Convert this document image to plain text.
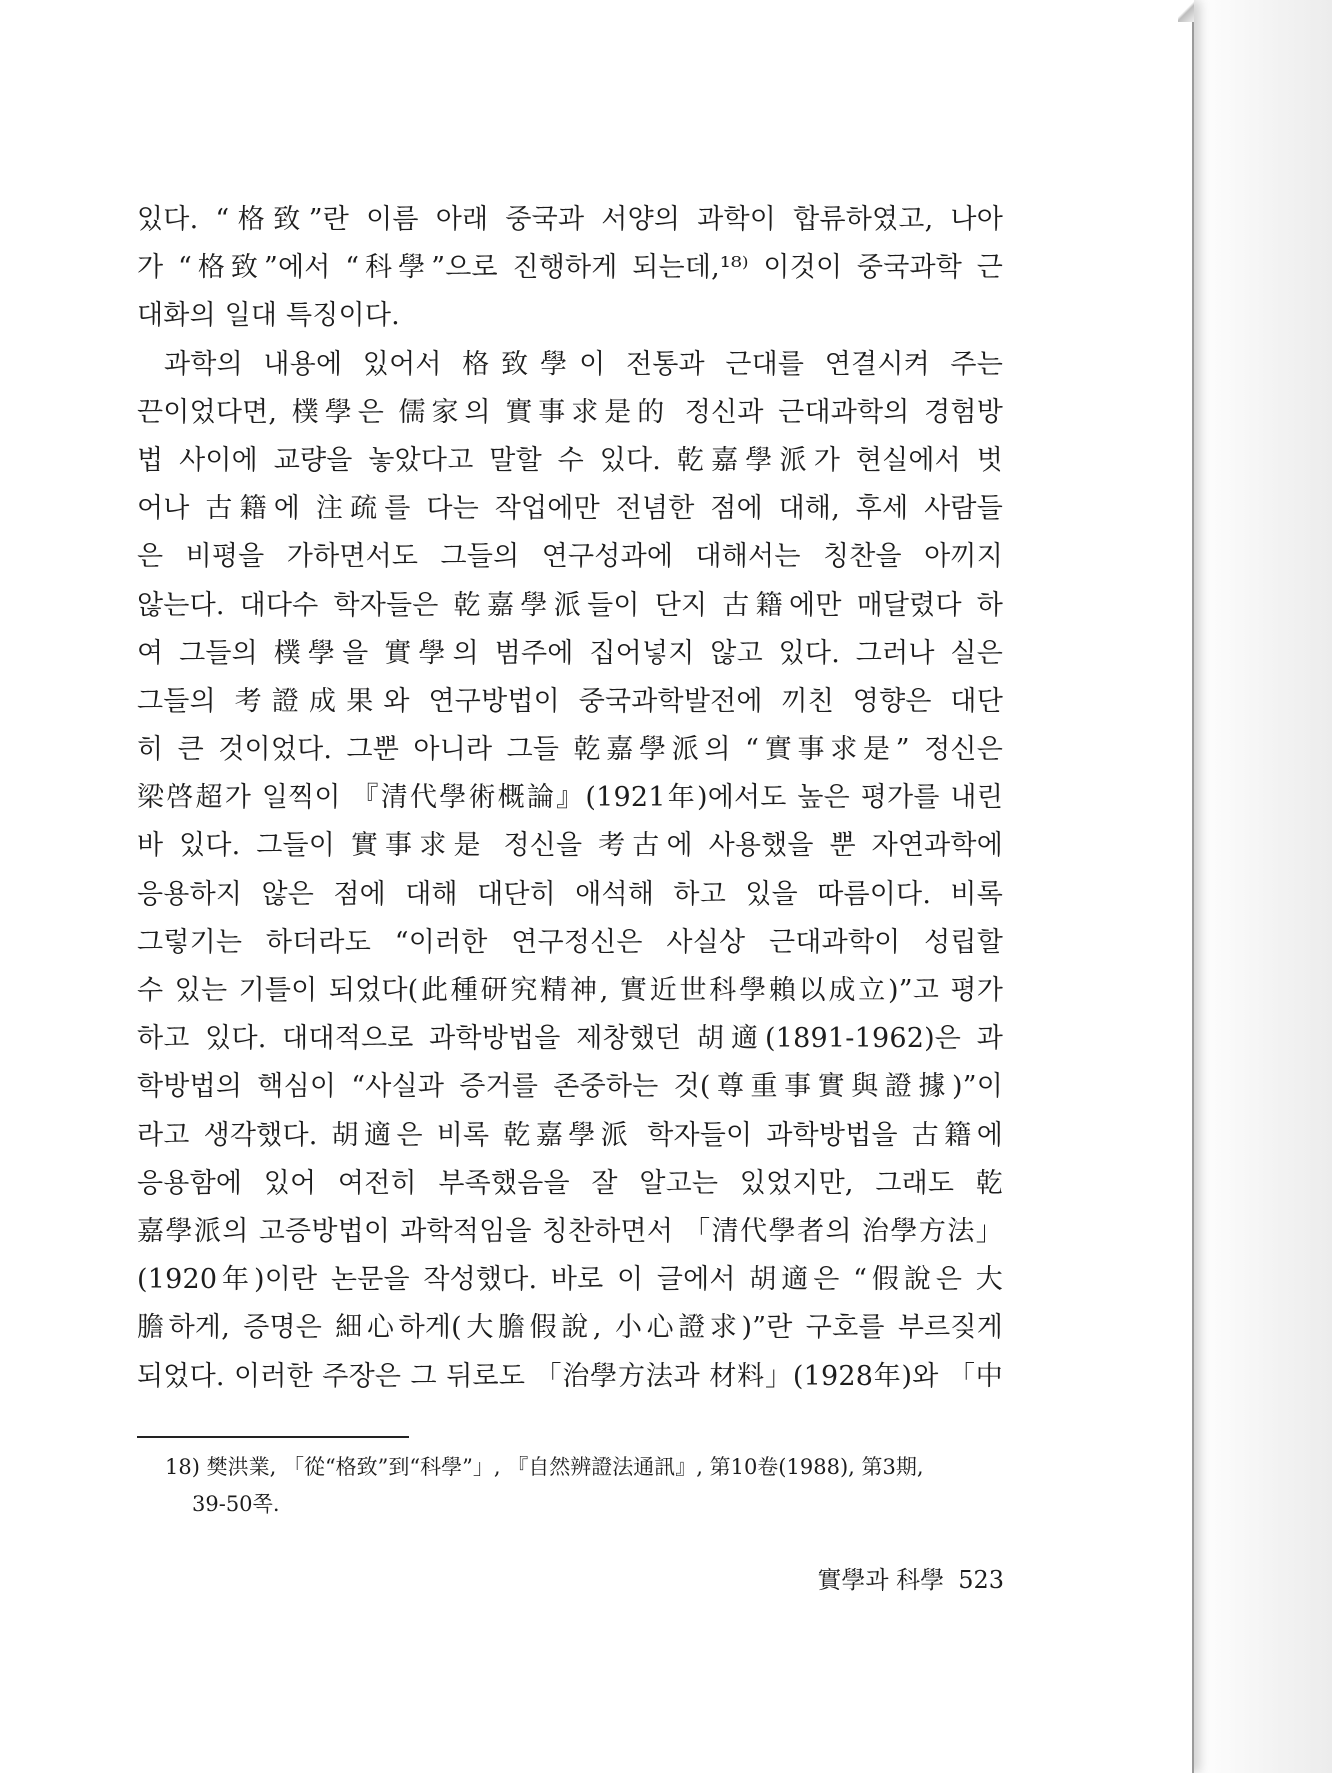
있다. “格致”란 이름 아래 중국과 서양의 과학이 합류하였고, 나아
가 “格致”에서 “科學”으로 진행하게 되는데,¹⁸⁾ 이것이 중국과학 근
대화의 일대 특징이다.
과학의 내용에 있어서 格致學이 전통과 근대를 연결시켜 주는
끈이었다면, 樸學은 儒家의 實事求是的 정신과 근대과학의 경험방
법 사이에 교량을 놓았다고 말할 수 있다. 乾嘉學派가 현실에서 벗
어나 古籍에 注疏를 다는 작업에만 전념한 점에 대해, 후세 사람들
은 비평을 가하면서도 그들의 연구성과에 대해서는 칭찬을 아끼지
않는다. 대다수 학자들은 乾嘉學派들이 단지 古籍에만 매달렸다 하
여 그들의 樸學을 實學의 범주에 집어넣지 않고 있다. 그러나 실은
그들의 考證成果와 연구방법이 중국과학발전에 끼친 영향은 대단
히 큰 것이었다. 그뿐 아니라 그들 乾嘉學派의 “實事求是” 정신은
梁啓超가 일찍이 『清代學術概論』(1921年)에서도 높은 평가를 내린
바 있다. 그들이 實事求是 정신을 考古에 사용했을 뿐 자연과학에
응용하지 않은 점에 대해 대단히 애석해 하고 있을 따름이다. 비록
그렇기는 하더라도 “이러한 연구정신은 사실상 근대과학이 성립할
수 있는 기틀이 되었다(此種研究精神, 實近世科學賴以成立)”고 평가
하고 있다. 대대적으로 과학방법을 제창했던 胡適(1891-1962)은 과
학방법의 핵심이 “사실과 증거를 존중하는 것(尊重事實與證據)”이
라고 생각했다. 胡適은 비록 乾嘉學派 학자들이 과학방법을 古籍에
응용함에 있어 여전히 부족했음을 잘 알고는 있었지만, 그래도 乾
嘉學派의 고증방법이 과학적임을 칭찬하면서 「清代學者의 治學方法」
(1920年)이란 논문을 작성했다. 바로 이 글에서 胡適은 “假說은 大
膽하게, 증명은 細心하게(大膽假說, 小心證求)”란 구호를 부르짖게
되었다. 이러한 주장은 그 뒤로도 「治學方法과 材料」(1928年)와 「中
18) 樊洪業, 「從“格致”到“科學”」, 『自然辨證法通訊』, 第10卷(1988), 第3期,
39-50쪽.
實學과 科學 523
